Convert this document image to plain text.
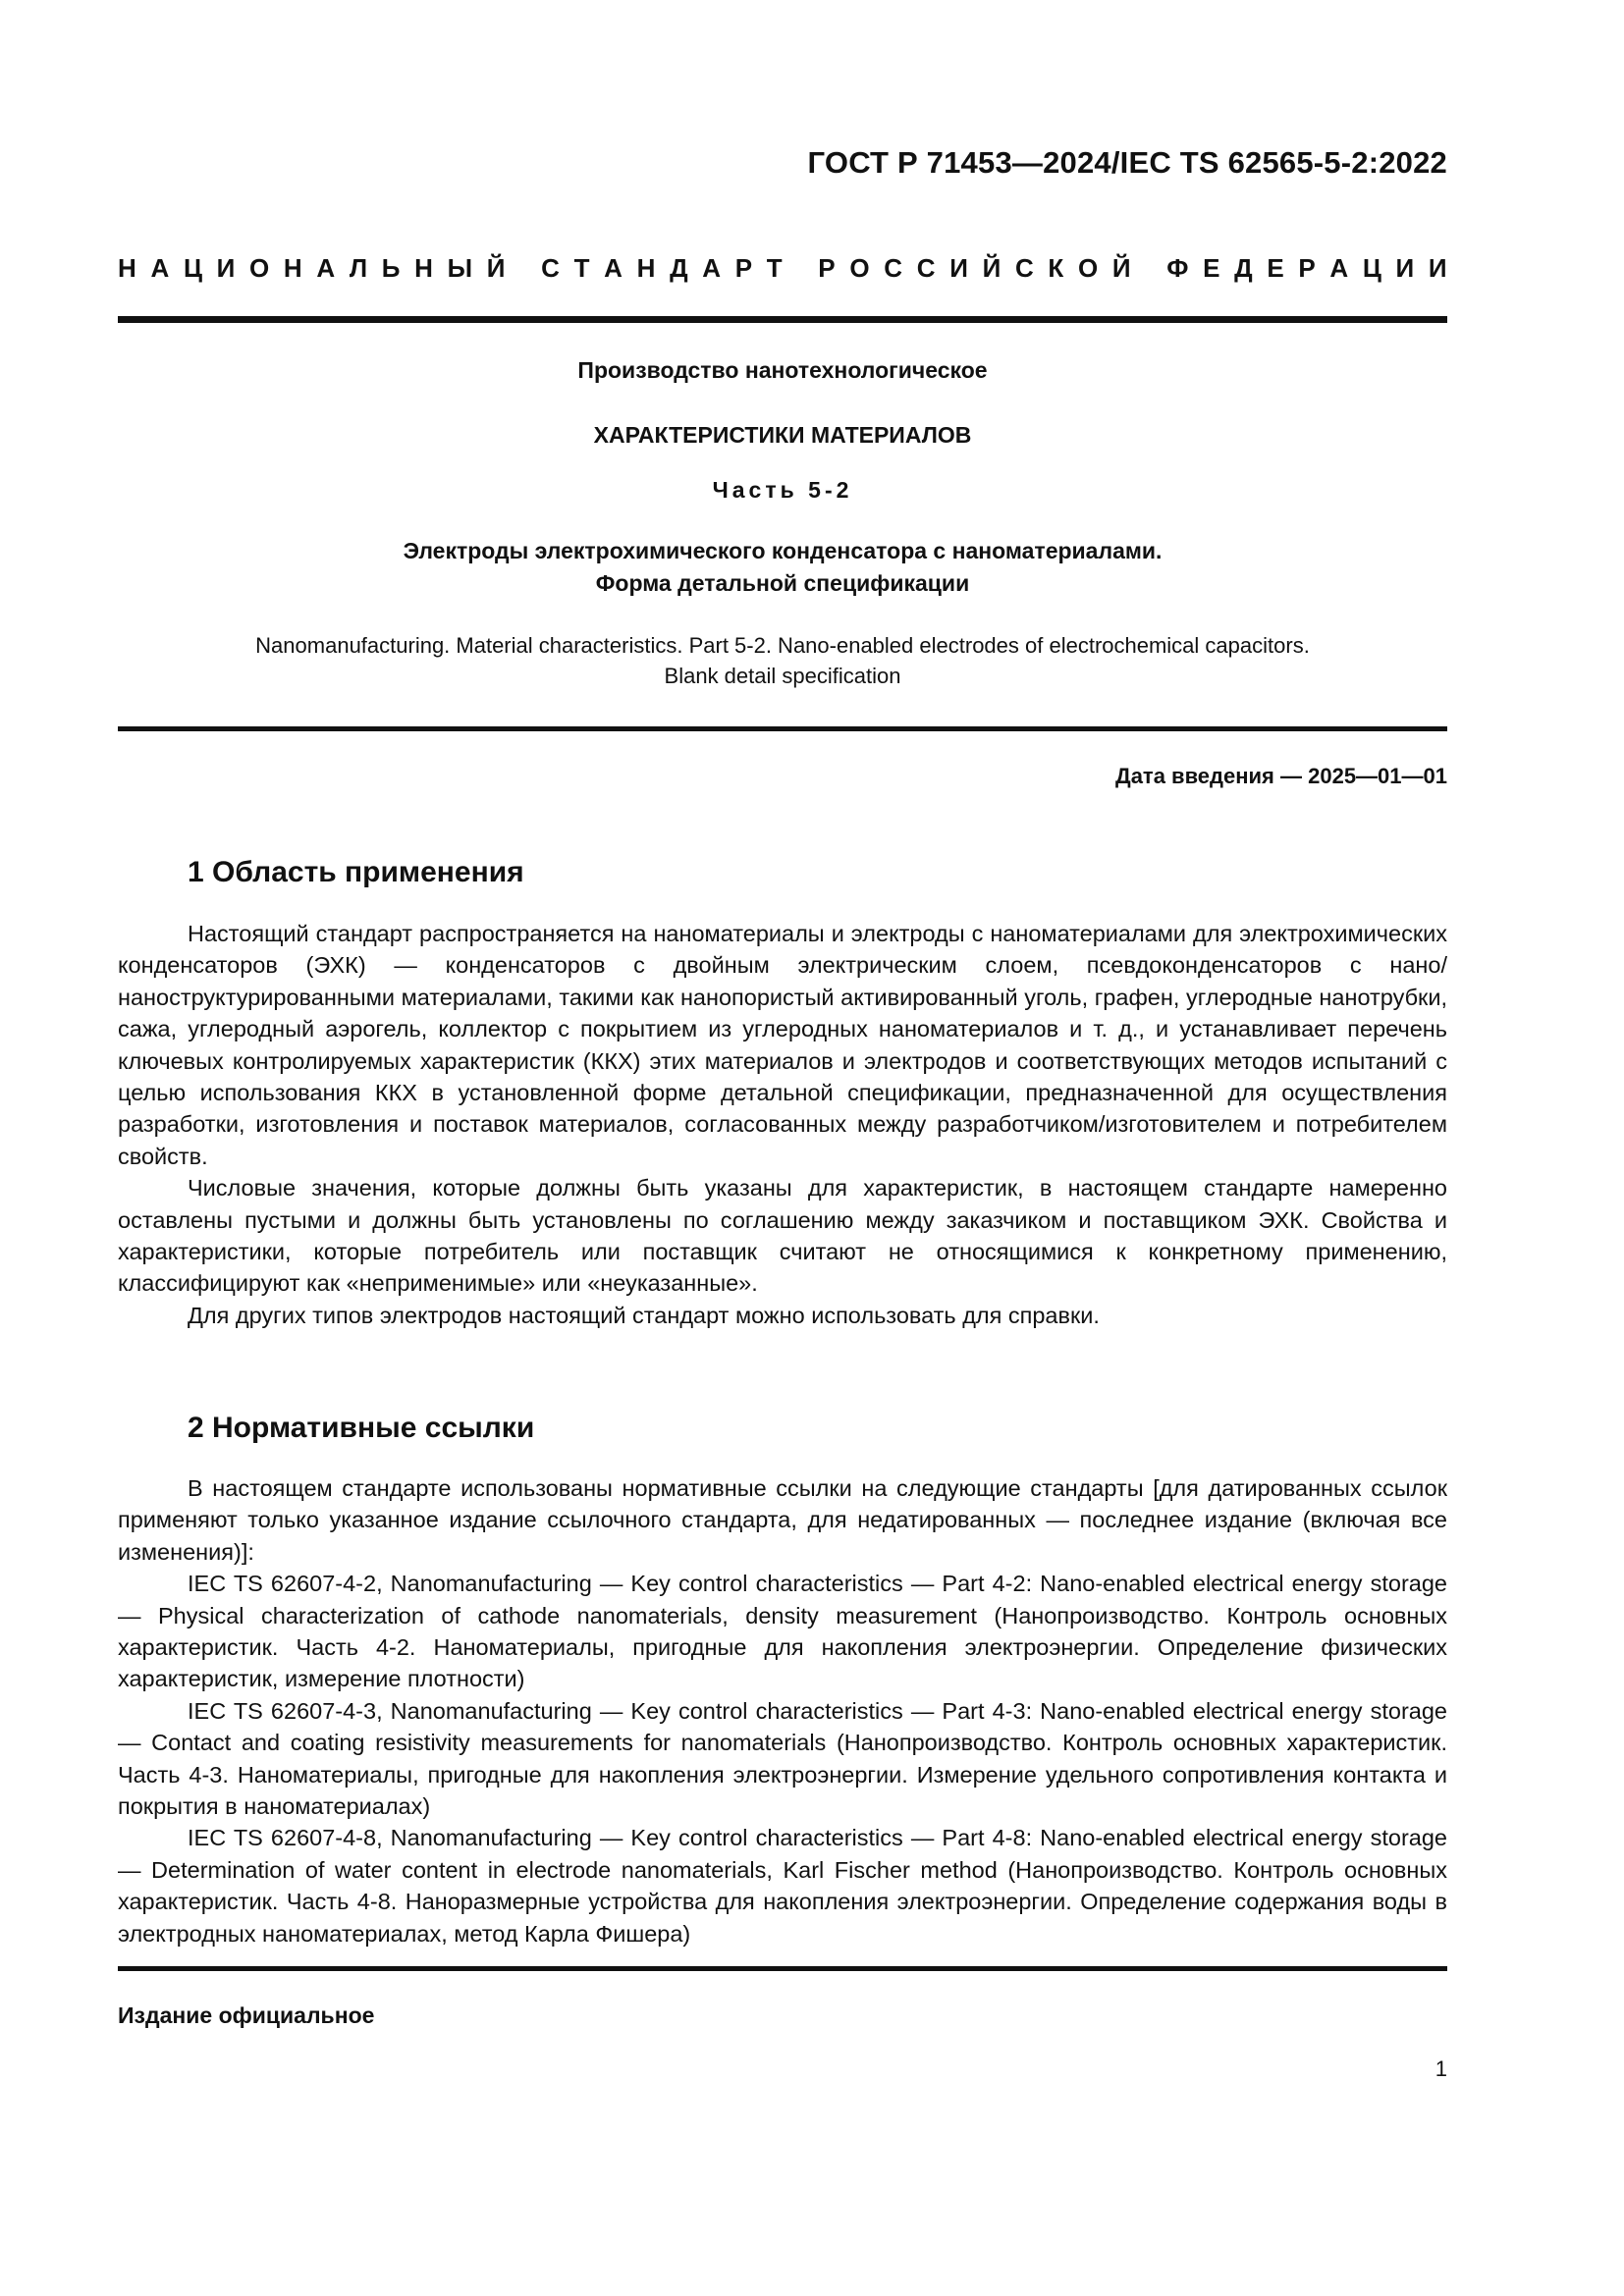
ГОСТ Р 71453—2024/IEC TS 62565-5-2:2022
Н А Ц И О Н А Л Ь Н Ы Й
С Т А Н Д А Р Т
Р О С С И Й С К О Й
Ф Е Д Е Р А Ц И И
Производство нанотехнологическое
ХАРАКТЕРИСТИКИ МАТЕРИАЛОВ
Часть 5-2
Электроды электрохимического конденсатора с наноматериалами.
Форма детальной спецификации
Nanomanufacturing. Material characteristics. Part 5-2. Nano-enabled electrodes of electrochemical capacitors.
Blank detail specification
Дата введения — 2025—01—01
1 Область применения

Настоящий стандарт распространяется на наноматериалы и электроды с наноматериалами для электрохимических конденсаторов (ЭХК) — конденсаторов с двойным электрическим слоем, псевдоконденсаторов с нано/наноструктурированными материалами, такими как нанопористый активированный уголь, графен, углеродные нанотрубки, сажа, углеродный аэрогель, коллектор с покрытием из углеродных наноматериалов и т. д., и устанавливает перечень ключевых контролируемых характеристик (ККХ) этих материалов и электродов и соответствующих методов испытаний с целью использования ККХ в установленной форме детальной спецификации, предназначенной для осуществления разработки, изготовления и поставок материалов, согласованных между разработчиком/изготовителем и потребителем свойств.

Числовые значения, которые должны быть указаны для характеристик, в настоящем стандарте намеренно оставлены пустыми и должны быть установлены по соглашению между заказчиком и поставщиком ЭХК. Свойства и характеристики, которые потребитель или поставщик считают не относящимися к конкретному применению, классифицируют как «неприменимые» или «неуказанные».

Для других типов электродов настоящий стандарт можно использовать для справки.

2 Нормативные ссылки

В настоящем стандарте использованы нормативные ссылки на следующие стандарты [для датированных ссылок применяют только указанное издание ссылочного стандарта, для недатированных — последнее издание (включая все изменения)]:

IEC TS 62607-4-2, Nanomanufacturing — Key control characteristics — Part 4-2: Nano-enabled electrical energy storage — Physical characterization of cathode nanomaterials, density measurement (Нанопроизводство. Контроль основных характеристик. Часть 4-2. Наноматериалы, пригодные для накопления электроэнергии. Определение физических характеристик, измерение плотности)

IEC TS 62607-4-3, Nanomanufacturing — Key control characteristics — Part 4-3: Nano-enabled electrical energy storage — Contact and coating resistivity measurements for nanomaterials (Нанопроизводство. Контроль основных характеристик. Часть 4-3. Наноматериалы, пригодные для накопления электроэнергии. Измерение удельного сопротивления контакта и покрытия в наноматериалах)

IEC TS 62607-4-8, Nanomanufacturing — Key control characteristics — Part 4-8: Nano-enabled electrical energy storage — Determination of water content in electrode nanomaterials, Karl Fischer method (Нанопроизводство. Контроль основных характеристик. Часть 4-8. Наноразмерные устройства для накопления электроэнергии. Определение содержания воды в электродных наноматериалах, метод Карла Фишера)

Издание официальное
1
